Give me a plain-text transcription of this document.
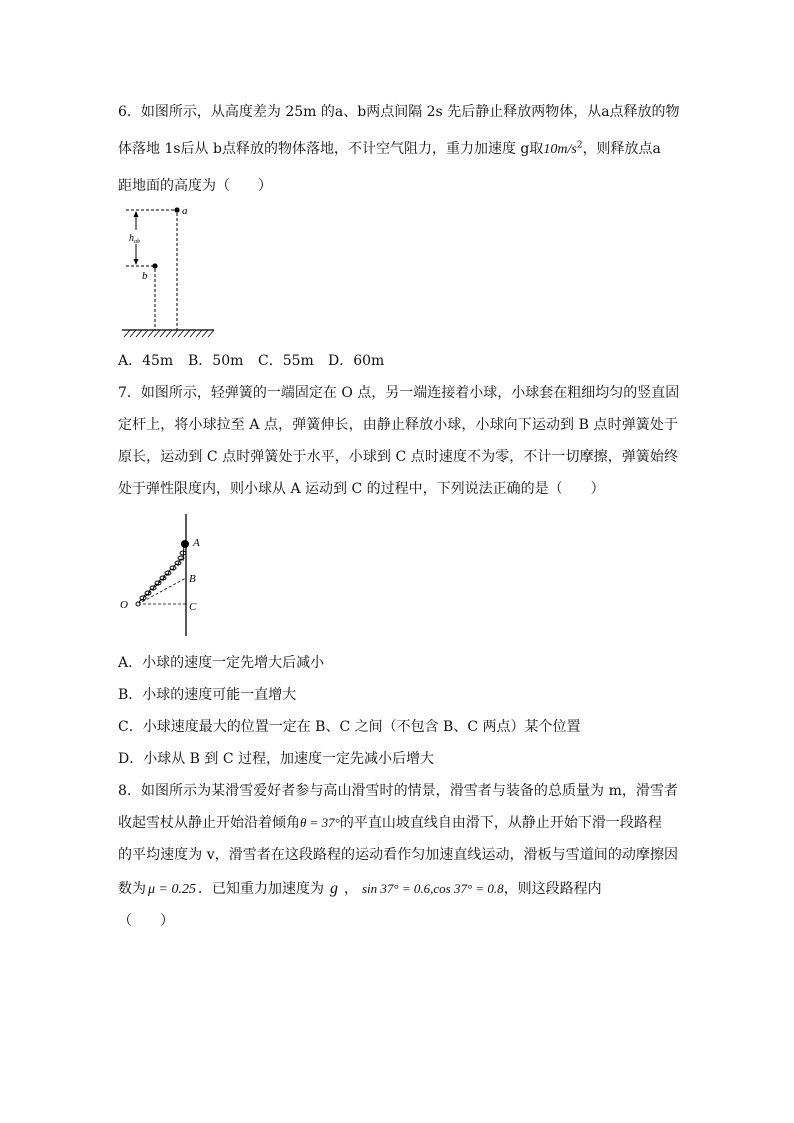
6．如图所示，从高度差为 25m 的a、b两点间隔 2s 先后静止释放两物体，从a点释放的物

体落地 1s后从 b点释放的物体落地，不计空气阻力，重力加速度 g取$10m/s^2$，则释放点a

距地面的高度为（　　）

$h_{ab}$
a
b

A．45m B．50m C．55m D．60m

7．如图所示，轻弹簧的一端固定在 O 点，另一端连接着小球，小球套在粗细均匀的竖直固

定杆上，将小球拉至 A 点，弹簧伸长，由静止释放小球，小球向下运动到 B 点时弹簧处于

原长，运动到 C 点时弹簧处于水平，小球到 C 点时速度不为零，不计一切摩擦，弹簧始终

处于弹性限度内，则小球从 A 运动到 C 的过程中，下列说法正确的是（　　）

A
B
C
O

A．小球的速度一定先增大后减小

B．小球的速度可能一直增大

C．小球速度最大的位置一定在 B、C 之间（不包含 B、C 两点）某个位置

D．小球从 B 到 C 过程，加速度一定先减小后增大

8．如图所示为某滑雪爱好者参与高山滑雪时的情景，滑雪者与装备的总质量为 m，滑雪者

收起雪杖从静止开始沿着倾角θ = 37°的平直山坡直线自由滑下，从静止开始下滑一段路程

的平均速度为 v，滑雪者在这段路程的运动看作匀加速直线运动，滑板与雪道间的动摩擦因

数为 μ = 0.25 ．已知重力加速度为 g ， sin 37° = 0.6,cos 37° = 0.8，则这段路程内

（　　）
